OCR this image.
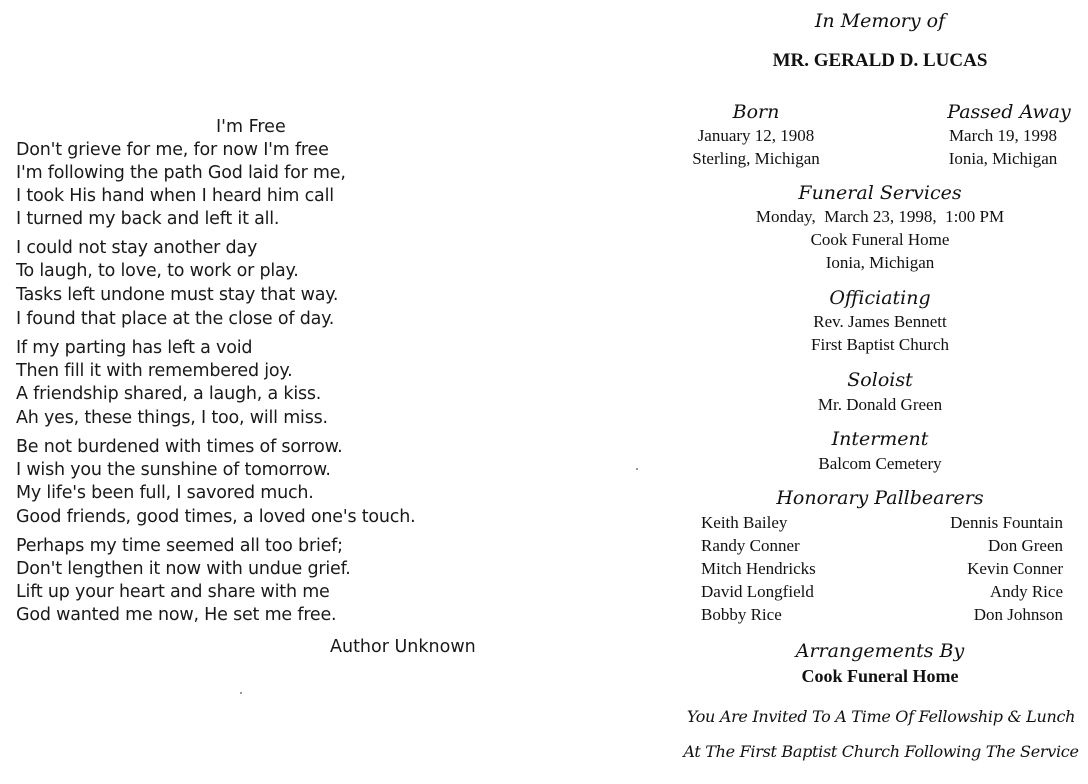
I'm Free
Don't grieve for me, for now I'm free
I'm following the path God laid for me,
I took His hand when I heard him call
I turned my back and left it all.
I could not stay another day
To laugh, to love, to work or play.
Tasks left undone must stay that way.
I found that place at the close of day.
If my parting has left a void
Then fill it with remembered joy.
A friendship shared, a laugh, a kiss.
Ah yes, these things, I too, will miss.
Be not burdened with times of sorrow.
I wish you the sunshine of tomorrow.
My life's been full, I savored much.
Good friends, good times, a loved one's touch.
Perhaps my time seemed all too brief;
Don't lengthen it now with undue grief.
Lift up your heart and share with me
God wanted me now, He set me free.
Author Unknown
In Memory of
MR. GERALD D. LUCAS
Born
January 12, 1908
Sterling, Michigan
Passed Away
March 19, 1998
Ionia, Michigan
Funeral Services
Monday,  March 23, 1998,  1:00 PM
Cook Funeral Home
Ionia, Michigan
Officiating
Rev. James Bennett
First Baptist Church
Soloist
Mr. Donald Green
Interment
Balcom Cemetery
Honorary Pallbearers
Keith Bailey
Randy Conner
Mitch Hendricks
David Longfield
Bobby Rice
Dennis Fountain
Don Green
Kevin Conner
Andy Rice
Don Johnson
Arrangements By
Cook Funeral Home
You Are Invited To A Time Of Fellowship & Lunch
At The First Baptist Church Following The Service
